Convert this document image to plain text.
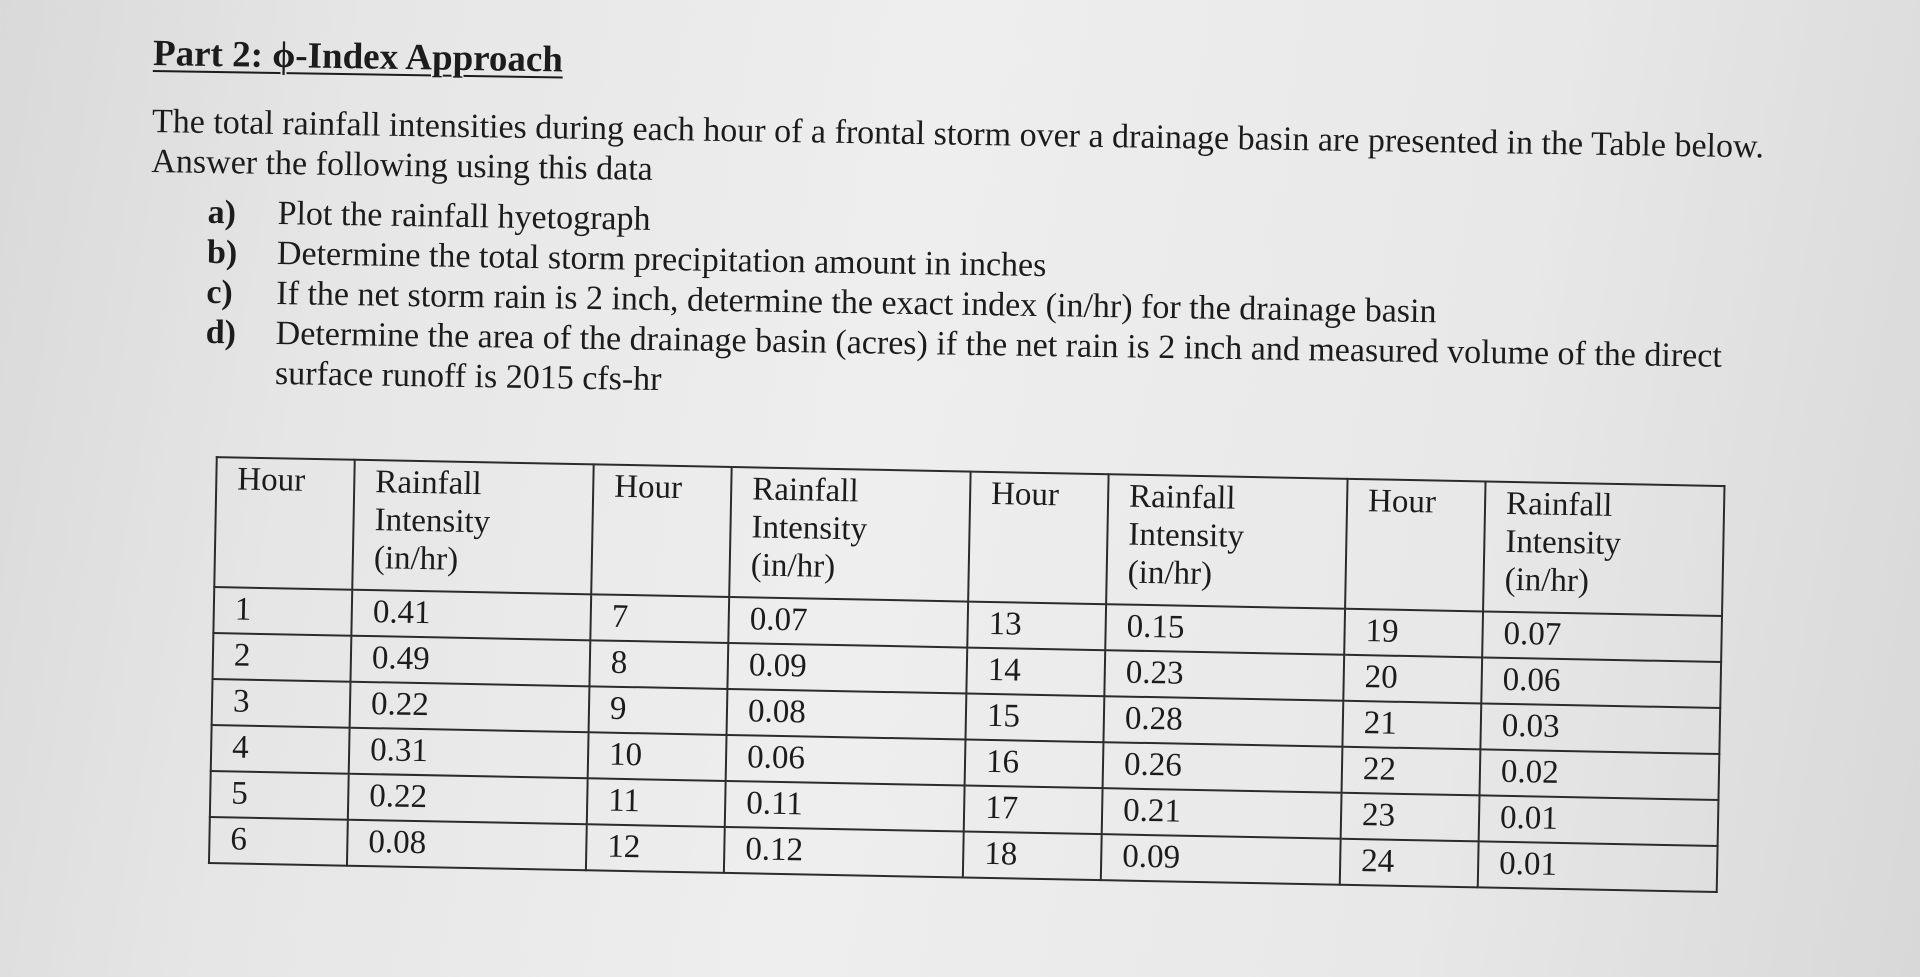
Part 2: ϕ-Index Approach

The total rainfall intensities during each hour of a frontal storm over a drainage basin are presented in the Table below. Answer the following using this data

a) Plot the rainfall hyetograph
b) Determine the total storm precipitation amount in inches
c) If the net storm rain is 2 inch, determine the exact index (in/hr) for the drainage basin
d) Determine the area of the drainage basin (acres) if the net rain is 2 inch and measured volume of the direct surface runoff is 2015 cfs-hr
Hour	Rainfall
Intensity
(in/hr)	Hour	Rainfall
Intensity
(in/hr)	Hour	Rainfall
Intensity
(in/hr)	Hour	Rainfall
Intensity
(in/hr)

1	0.41	7	0.07	13	0.15	19	0.07
2	0.49	8	0.09	14	0.23	20	0.06
3	0.22	9	0.08	15	0.28	21	0.03
4	0.31	10	0.06	16	0.26	22	0.02
5	0.22	11	0.11	17	0.21	23	0.01
6	0.08	12	0.12	18	0.09	24	0.01
